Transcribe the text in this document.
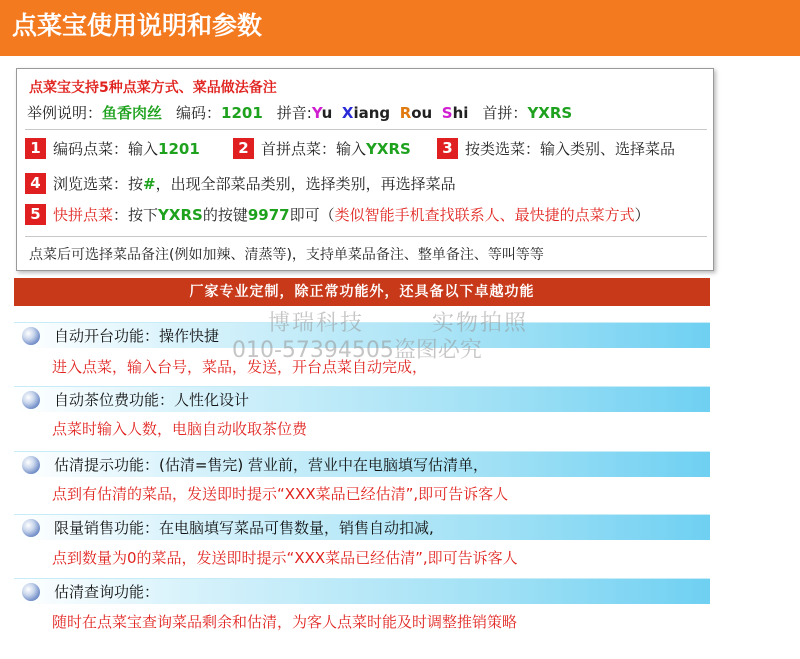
点菜宝使用说明和参数
点菜宝支持5种点菜方式、菜品做法备注
举例说明：鱼香肉丝 编码：1201 拼音:Yu Xiang Rou Shi 首拼：YXRS
1 编码点菜：输入 1201	2 首拼点菜：输入 YXRS	3 按类选菜：输入类别、选择菜品
4 浏览选菜：按 # ，出现全部菜品类别，选择类别，再选择菜品
5 快拼点菜 ：按下 YXRS 的按键 9977 即可（ 类似智能手机查找联系人、最快捷的点菜方式 ）
点菜后可选择菜品备注(例如加辣、清蒸等)，支持单菜品备注、整单备注、等叫等等
厂家专业定制，除正常功能外，还具备以下卓越功能
自动开台功能：操作快捷
进入点菜，输入台号，菜品，发送，开台点菜自动完成，
自动茶位费功能：人性化设计
点菜时输入人数，电脑自动收取茶位费
估清提示功能：(估清=售完) 营业前，营业中在电脑填写估清单，
点到有估清的菜品，发送即时提示“XXX菜品已经估清”,即可告诉客人
限量销售功能：在电脑填写菜品可售数量，销售自动扣减,
点到数量为0的菜品，发送即时提示“XXX菜品已经估清”,即可告诉客人
估清查询功能：
随时在点菜宝查询菜品剩余和估清，为客人点菜时能及时调整推销策略
博瑞科技	实物拍照
010-57394505盗图必究
